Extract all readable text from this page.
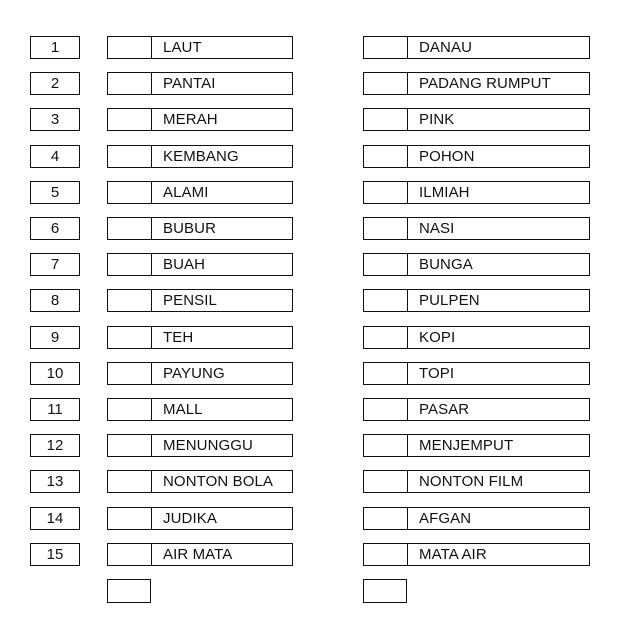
1	LAUT	DANAU
2	PANTAI	PADANG RUMPUT
3	MERAH	PINK
4	KEMBANG	POHON
5	ALAMI	ILMIAH
6	BUBUR	NASI
7	BUAH	BUNGA
8	PENSIL	PULPEN
9	TEH	KOPI
10	PAYUNG	TOPI
11	MALL	PASAR
12	MENUNGGU	MENJEMPUT
13	NONTON BOLA	NONTON FILM
14	JUDIKA	AFGAN
15	AIR MATA	MATA AIR
